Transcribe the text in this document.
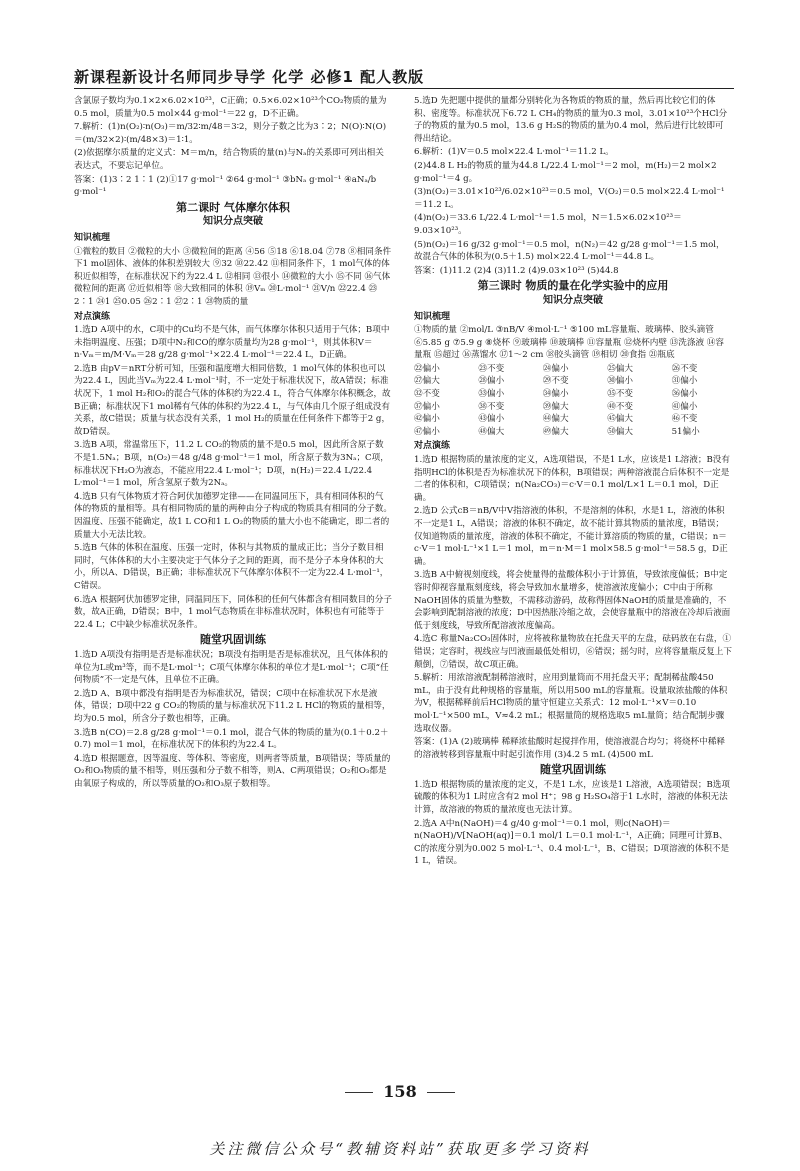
新课程新设计名师同步导学 化学 必修1 配人教版

含氯原子数均为0.1×2×6.02×10²³，C正确；0.5×6.02×10²³个CO₂物质的量为0.5 mol，质量为0.5 mol×44 g·mol⁻¹＝22 g，D不正确。

7.解析：(1)n(O₂)∶n(O₃)＝m/32∶m/48＝3∶2，则分子数之比为3∶2；N(O)∶N(O)＝(m/32×2)∶(m/48×3)＝1∶1。

(2)依据摩尔质量的定义式：M＝m/n，结合物质的量(n)与Nₐ的关系即可列出相关表达式，不要忘记单位。

答案：(1)3∶2 1∶1 (2)①17 g·mol⁻¹ ②64 g·mol⁻¹ ③bNₐ g·mol⁻¹ ④aNₐ/b g·mol⁻¹

第二课时 气体摩尔体积
知识分点突破
知识梳理

①微粒的数目 ②微粒的大小 ③微粒间的距离 ④56 ⑤18 ⑥18.04 ⑦78 ⑧相同条件下1 mol固体、液体的体积差别较大 ⑨32 ⑩22.42 ⑪相同条件下，1 mol气体的体积近似相等，在标准状况下约为22.4 L ⑫相同 ⑬很小 ⑭微粒的大小 ⑮不同 ⑯气体微粒间的距离 ⑰近似相等 ⑱大致相同的体积 ⑲Vₘ ⑳L·mol⁻¹ ㉑V/n ㉒22.4 ㉓2∶1 ㉔1 ㉕0.05 ㉖2∶1 ㉗2∶1 ㉘物质的量

对点演练

1.选D A项中的水，C项中的Cu均不是气体，而气体摩尔体积只适用于气体；B项中未指明温度、压强；D项中N₂和CO的摩尔质量均为28 g·mol⁻¹，则其体积V＝n·Vₘ＝m/M·Vₘ＝28 g/28 g·mol⁻¹×22.4 L·mol⁻¹＝22.4 L，D正确。

2.选B 由pV＝nRT分析可知，压强和温度增大相同倍数，1 mol气体的体积也可以为22.4 L，因此当Vₘ为22.4 L·mol⁻¹时，不一定处于标准状况下，故A错误；标准状况下，1 mol H₂和O₂的混合气体的体积约为22.4 L，符合气体摩尔体积概念，故B正确；标准状况下1 mol稀有气体的体积约为22.4 L，与气体由几个原子组成没有关系，故C错误；质量与状态没有关系，1 mol H₂的质量在任何条件下都等于2 g，故D错误。

3.选B A项，常温常压下，11.2 L CO₂的物质的量不是0.5 mol，因此所含原子数不是1.5Nₐ；B项，n(O₂)＝48 g/48 g·mol⁻¹＝1 mol，所含原子数为3Nₐ；C项，标准状况下H₂O为液态，不能应用22.4 L·mol⁻¹；D项，n(H₂)＝22.4 L/22.4 L·mol⁻¹＝1 mol，所含氢原子数为2Nₐ。

4.选B 只有气体物质才符合阿伏加德罗定律——在同温同压下，具有相同体积的气体的物质的量相等。具有相同物质的量的两种由分子构成的物质具有相同的分子数。因温度、压强不能确定，故1 L CO和1 L O₂的物质的量大小也不能确定，即二者的质量大小无法比较。

5.选B 气体的体积在温度、压强一定时，体积与其物质的量成正比；当分子数目相同时，气体体积的大小主要决定于气体分子之间的距离，而不是分子本身体积的大小，所以A、D错误，B正确；非标准状况下气体摩尔体积不一定为22.4 L·mol⁻¹，C错误。

6.选A 根据阿伏加德罗定律，同温同压下，同体积的任何气体都含有相同数目的分子数，故A正确，D错误；B中，1 mol气态物质在非标准状况时，体积也有可能等于22.4 L；C中缺少标准状况条件。

随堂巩固训练

1.选D A项没有指明是否是标准状况；B项没有指明是否是标准状况，且气体体积的单位为L或m³等，而不是L·mol⁻¹；C项气体摩尔体积的单位才是L·mol⁻¹；C项“任何物质”不一定是气体，且单位不正确。

2.选D A、B项中都没有指明是否为标准状况，错误；C项中在标准状况下水是液体，错误；D项中22 g CO₂的物质的量与标准状况下11.2 L HCl的物质的量相等，均为0.5 mol，所含分子数也相等，正确。

3.选B n(CO)＝2.8 g/28 g·mol⁻¹＝0.1 mol，混合气体的物质的量为(0.1＋0.2＋0.7) mol＝1 mol，在标准状况下的体积约为22.4 L。

4.选D 根据题意，因等温度、等体积、等密度，则两者等质量，B项错误；等质量的O₂和O₃物质的量不相等，则压强和分子数不相等，则A、C两项错误；O₂和O₃都是由氧原子构成的，所以等质量的O₂和O₃原子数相等。

5.选D 先把题中提供的量都分别转化为各物质的物质的量，然后再比较它们的体积、密度等。标准状况下6.72 L CH₄的物质的量为0.3 mol，3.01×10²³个HCl分子的物质的量为0.5 mol，13.6 g H₂S的物质的量为0.4 mol，然后进行比较即可得出结论。

6.解析：(1)V＝0.5 mol×22.4 L·mol⁻¹＝11.2 L。

(2)44.8 L H₂的物质的量为44.8 L/22.4 L·mol⁻¹＝2 mol，m(H₂)＝2 mol×2 g·mol⁻¹＝4 g。

(3)n(O₂)＝3.01×10²³/6.02×10²³＝0.5 mol，V(O₂)＝0.5 mol×22.4 L·mol⁻¹＝11.2 L。

(4)n(O₂)＝33.6 L/22.4 L·mol⁻¹＝1.5 mol，N＝1.5×6.02×10²³＝9.03×10²³。

(5)n(O₂)＝16 g/32 g·mol⁻¹＝0.5 mol，n(N₂)＝42 g/28 g·mol⁻¹＝1.5 mol，故混合气体的体积为(0.5＋1.5) mol×22.4 L·mol⁻¹＝44.8 L。

答案：(1)11.2 (2)4 (3)11.2 (4)9.03×10²³ (5)44.8

第三课时 物质的量在化学实验中的应用
知识分点突破
知识梳理

①物质的量 ②mol/L ③nB/V ④mol·L⁻¹ ⑤100 mL容量瓶、玻璃棒、胶头滴管 ⑥5.85 g ⑦5.9 g ⑧烧杯 ⑨玻璃棒 ⑩玻璃棒 ⑪容量瓶 ⑫烧杯内壁 ⑬洗涤液 ⑭容量瓶 ⑮超过 ⑯蒸馏水 ⑰1～2 cm ⑱胶头滴管 ⑲相切 ⑳食指 ㉑瓶底

㉒偏小	㉓不变	㉔偏小	㉕偏大	㉖不变
㉗偏大	㉘偏小	㉙不变	㉚偏小	㉛偏小
㉜不变	㉝偏小	㉞偏小	㉟不变	㊱偏小
㊲偏小	㊳不变	㊴偏大	㊵不变	㊶偏小
㊷偏小	㊸偏小	㊹偏大	㊺偏大	㊻不变
㊼偏小	㊽偏大	㊾偏大	㊿偏大	51偏小
对点演练

1.选D 根据物质的量浓度的定义，A选项错误，不是1 L水，应该是1 L溶液；B没有指明HCl的体积是否为标准状况下的体积，B项错误；两种溶液混合后体积不一定是二者的体积和，C项错误；n(Na₂CO₃)＝c·V＝0.1 mol/L×1 L＝0.1 mol，D正确。

2.选D 公式cB＝nB/V中V指溶液的体积，不是溶剂的体积，水是1 L，溶液的体积不一定是1 L，A错误；溶液的体积不确定，故不能计算其物质的量浓度，B错误；仅知道物质的量浓度，溶液的体积不确定，不能计算溶质的物质的量，C错误；n＝c·V＝1 mol·L⁻¹×1 L＝1 mol，m＝n·M＝1 mol×58.5 g·mol⁻¹＝58.5 g，D正确。

3.选B A中俯视刻度线，将会使量得的盐酸体积小于计算值，导致浓度偏低；B中定容时仰视容量瓶刻度线，将会导致加水量增多，使溶液浓度偏小；C中由于所称NaOH固体的质量为整数，不需移动游码，故称得固体NaOH的质量是准确的，不会影响到配制溶液的浓度；D中因热胀冷缩之故，会使容量瓶中的溶液在冷却后液面低于刻度线，导致所配溶液浓度偏高。

4.选C 称量Na₂CO₃固体时，应将被称量物放在托盘天平的左盘，砝码放在右盘，①错误；定容时，视线应与凹液面最低处相切，⑥错误；摇匀时，应将容量瓶反复上下颠倒，⑦错误，故C项正确。

5.解析：用浓溶液配制稀溶液时，应用到量筒而不用托盘天平；配制稀盐酸450 mL，由于没有此种规格的容量瓶，所以用500 mL的容量瓶。设量取浓盐酸的体积为V，根据稀释前后HCl物质的量守恒建立关系式：12 mol·L⁻¹×V＝0.10 mol·L⁻¹×500 mL，V≈4.2 mL；根据量筒的规格选取5 mL量筒；结合配制步骤选取仪器。

答案：(1)A (2)玻璃棒 稀释浓盐酸时起搅拌作用，使溶液混合均匀；将烧杯中稀释的溶液转移到容量瓶中时起引流作用 (3)4.2 5 mL (4)500 mL

随堂巩固训练

1.选D 根据物质的量浓度的定义，不是1 L水，应该是1 L溶液，A选项错误；B选项硫酸的体积为1 L时应含有2 mol H⁺；98 g H₂SO₄溶于1 L水时，溶液的体积无法计算，故溶液的物质的量浓度也无法计算。

2.选A A中n(NaOH)＝4 g/40 g·mol⁻¹＝0.1 mol，则c(NaOH)＝n(NaOH)/V[NaOH(aq)]＝0.1 mol/1 L＝0.1 mol·L⁻¹，A正确；同理可计算B、C的浓度分别为0.002 5 mol·L⁻¹、0.4 mol·L⁻¹，B、C错误；D项溶液的体积不是1 L，错误。

158
关注微信公众号“教辅资料站”获取更多学习资料
